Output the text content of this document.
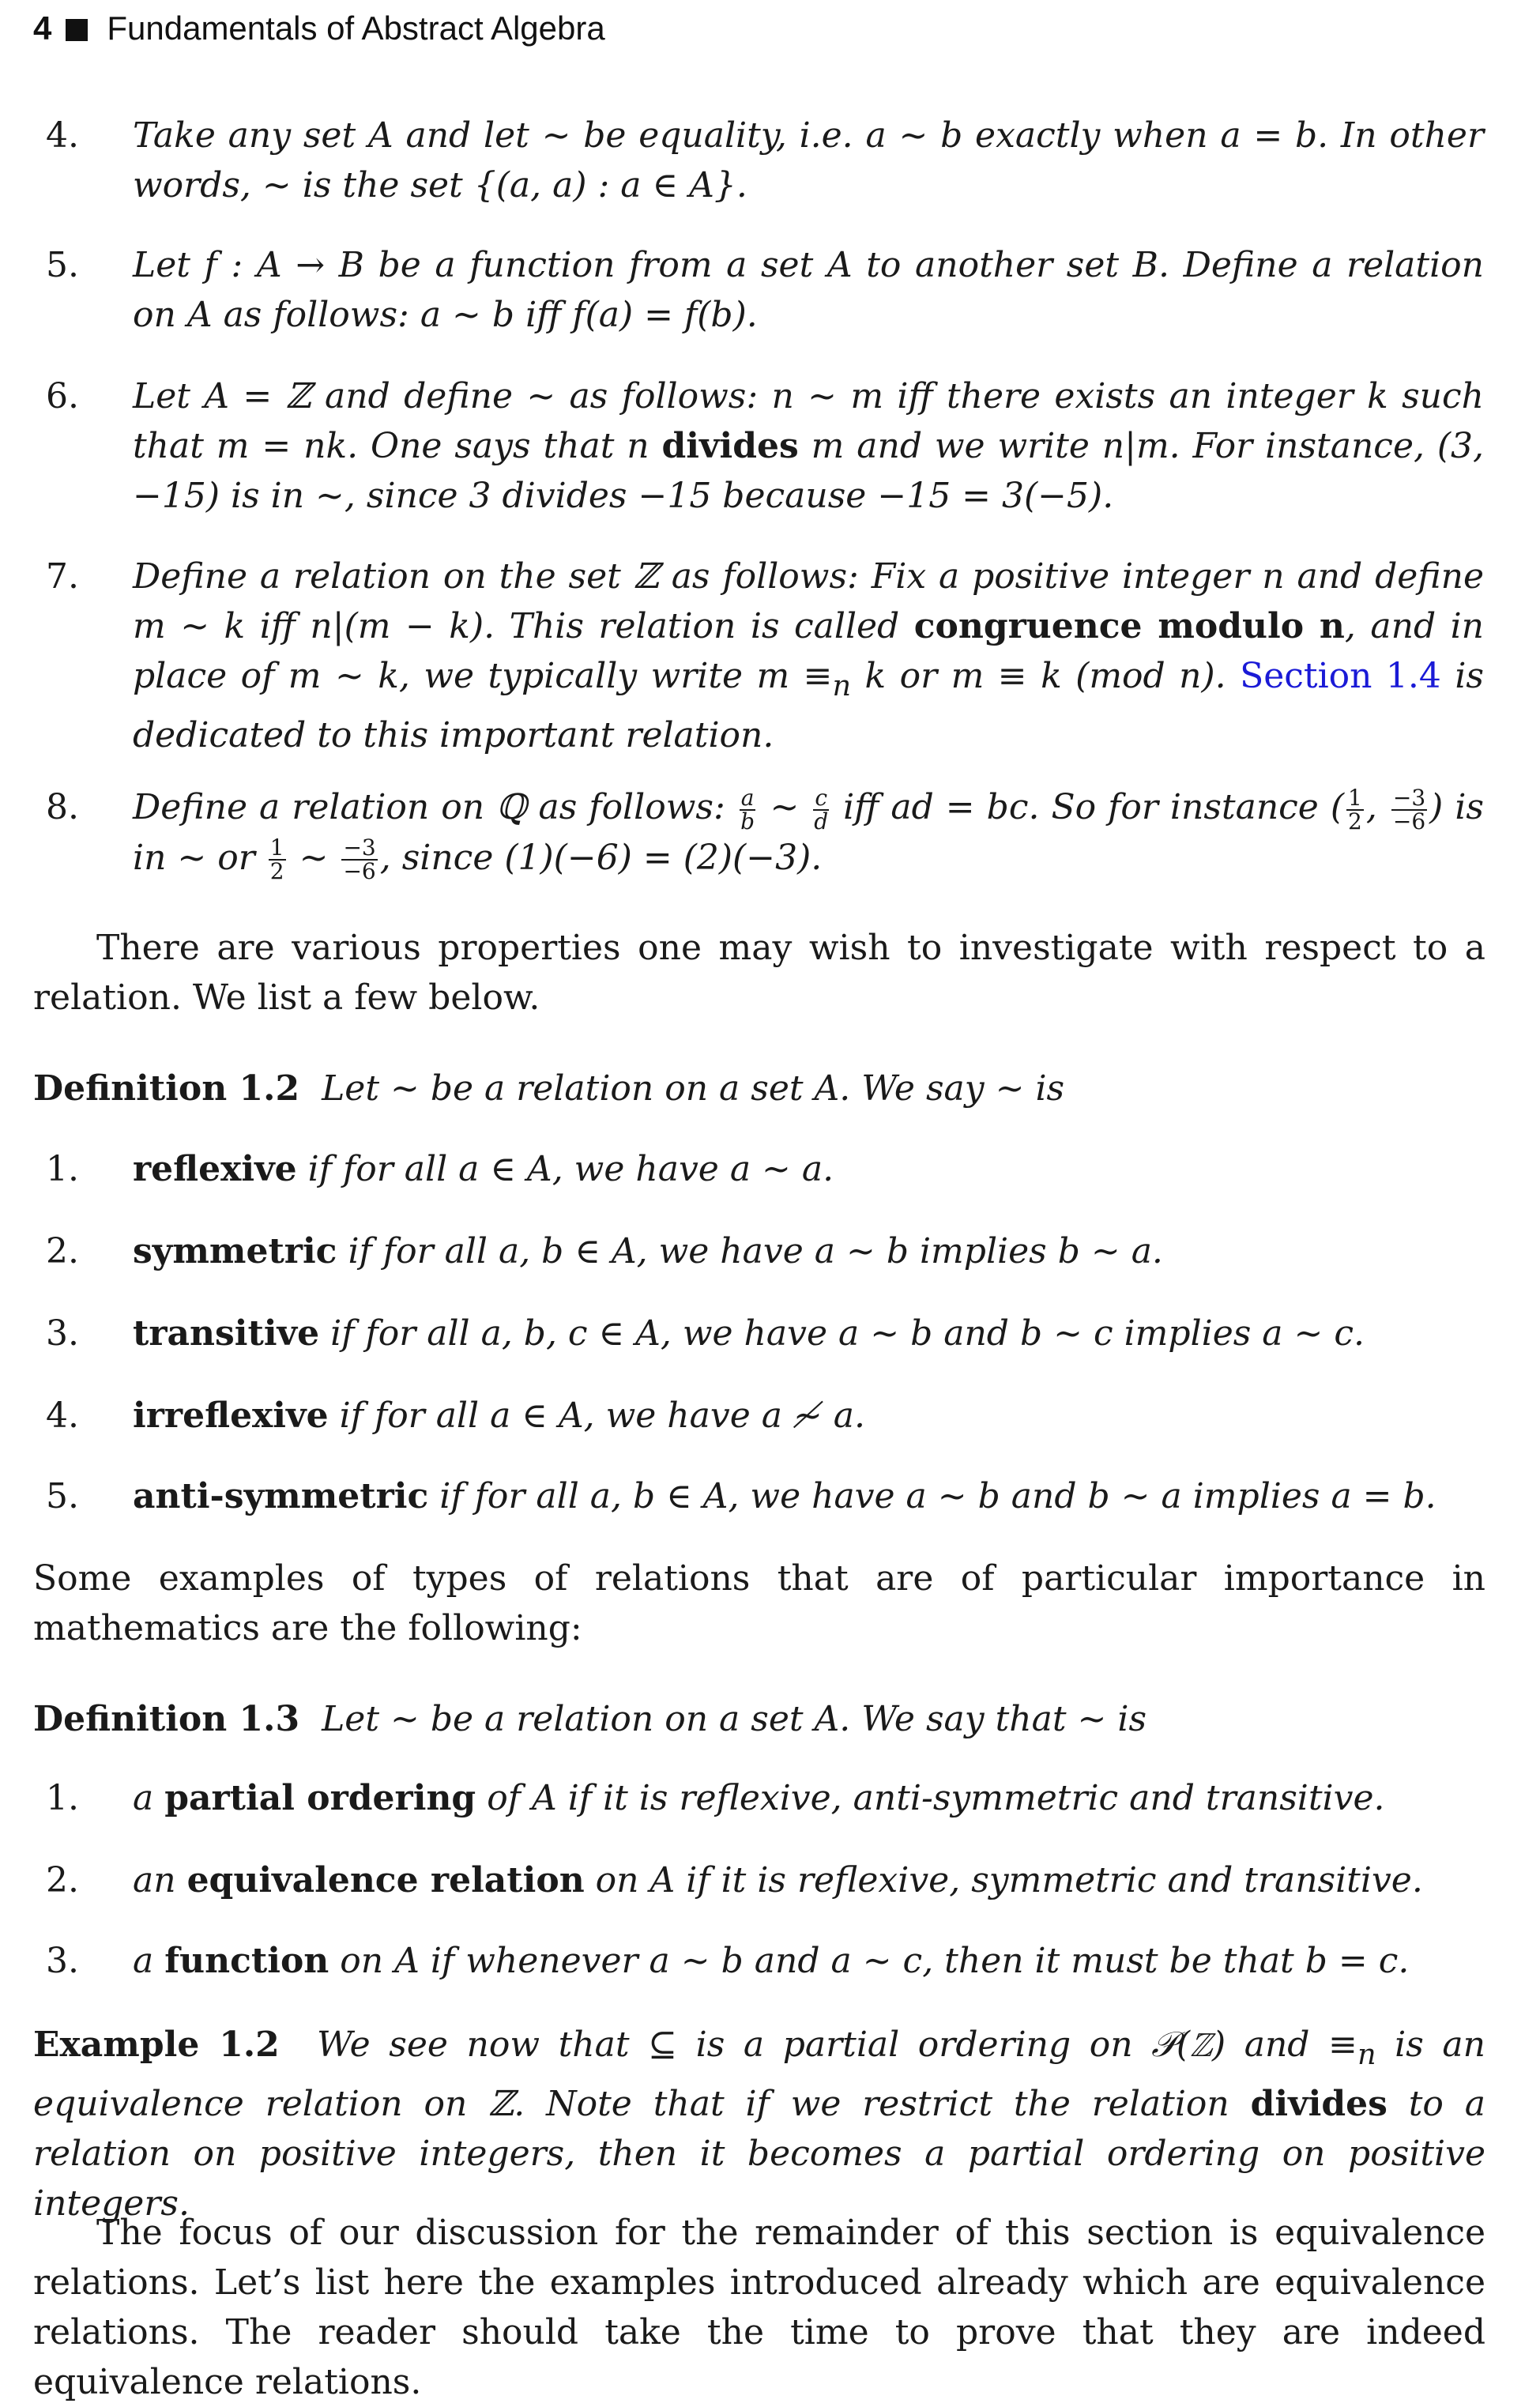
4 Fundamentals of Abstract Algebra
4.	Take any set A and let ∼ be equality, i.e. a ∼ b exactly when a = b. In other words, ∼ is the set {(a, a) : a ∈ A}.

5.	Let f : A → B be a function from a set A to another set B. Define a relation on A as follows: a ∼ b iff f(a) = f(b).

6.	Let A = ℤ and define ∼ as follows: n ∼ m iff there exists an integer k such that m = nk. One says that n divides m and we write n|m. For instance, (3, −15) is in ∼, since 3 divides −15 because −15 = 3(−5).

7.	Define a relation on the set ℤ as follows: Fix a positive integer n and define m ∼ k iff n|(m − k). This relation is called congruence modulo n, and in place of m ∼ k, we typically write $m \equiv_n$ k or m ≡ k (mod n). Section 1.4 is dedicated to this important relation.

8.	Define a relation on ℚ as follows: $\frac{a}{b}$ ∼ $\frac{c}{d}$ iff ad = bc. So for instance ( $\frac{1}{2}$ , $\frac{-3}{-6}$ ) is in ∼ or $\frac{1}{2}$ ∼ $\frac{-3}{-6}$ , since (1)(−6) = (2)(−3).

There are various properties one may wish to investigate with respect to a relation. We list a few below.

Definition 1.2 Let ∼ be a relation on a set A. We say ∼ is

1.	reflexive if for all a ∈ A, we have a ∼ a.

2.	symmetric if for all a, b ∈ A, we have a ∼ b implies b ∼ a.

3.	transitive if for all a, b, c ∈ A, we have a ∼ b and b ∼ c implies a ∼ c.

4.	irreflexive if for all a ∈ A, we have a ≁ a.

5.	anti-symmetric if for all a, b ∈ A, we have a ∼ b and b ∼ a implies a = b.

Some examples of types of relations that are of particular importance in mathematics are the following:

Definition 1.3 Let ∼ be a relation on a set A. We say that ∼ is

1.	a partial ordering of A if it is reflexive, anti-symmetric and transitive.

2.	an equivalence relation on A if it is reflexive, symmetric and transitive.

3.	a function on A if whenever a ∼ b and a ∼ c, then it must be that b = c.

Example 1.2 We see now that ⊆ is a partial ordering on 𝒫(ℤ) and $\equiv_n$ is an equivalence relation on ℤ. Note that if we restrict the relation divides to a relation on positive integers, then it becomes a partial ordering on positive integers.

The focus of our discussion for the remainder of this section is equivalence relations. Let’s list here the examples introduced already which are equivalence relations. The reader should take the time to prove that they are indeed equivalence relations.
